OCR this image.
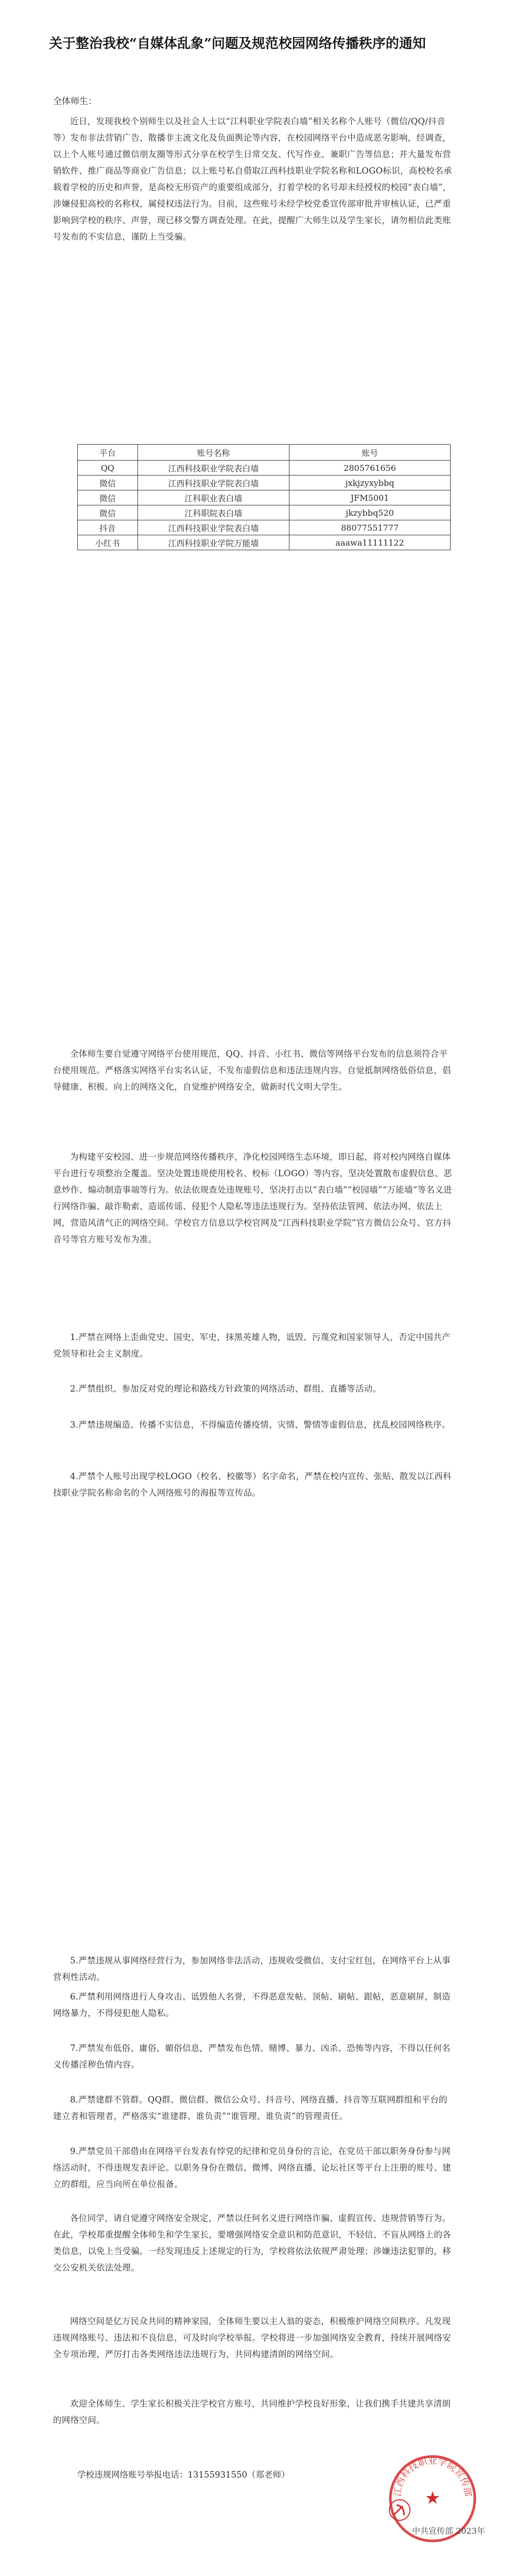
关于整治我校“自媒体乱象”问题及规范校园网络传播秩序的通知
全体师生：

近日，发现我校个别师生以及社会人士以“江科职业学院表白墙”相关名称个人账号（微信/QQ/抖音等）发布非法营销广告、散播非主流文化及负面舆论等内容，在校园网络平台中造成恶劣影响，经调查，以上个人账号通过微信朋友圈等形式分享在校学生日常交友、代写作业、兼职广告等信息；并大量发布营销软件、推广商品等商业广告信息；以上账号私自借取江西科技职业学院名称和LOGO标识，高校校名承载着学校的历史和声誉，是高校无形资产的重要组成部分，打着学校的名号却未经授权的校园“表白墙”，涉嫌侵犯高校的名称权，属侵权违法行为。目前，这些账号未经学校党委宣传部审批并审核认证，已严重影响到学校的秩序、声誉，现已移交警方调查处理。在此，提醒广大师生以及学生家长，请勿相信此类账号发布的不实信息，谨防上当受骗。

平台	账号名称	账号
QQ	江西科技职业学院表白墙	2805761656
微信	江西科技职业学院表白墙	jxkjzyxybbq
微信	江科职业表白墙	JFM5001
微信	江科职院表白墙	jkzybbq520
抖音	江西科技职业学院表白墙	88077551777
小红书	江西科技职业学院万能墙	aaawa11111122

全体师生要自觉遵守网络平台使用规范，QQ、抖音、小红书、微信等网络平台发布的信息须符合平台使用规范。严格落实网络平台实名认证，不发布虚假信息和违法违规内容。自觉抵制网络低俗信息，倡导健康、积极、向上的网络文化，自觉维护网络安全，做新时代文明大学生。

为构建平安校园、进一步规范网络传播秩序，净化校园网络生态环境，即日起，将对校内网络自媒体平台进行专项整治全覆盖。坚决处置违规使用校名、校标（LOGO）等内容，坚决处置散布虚假信息、恶意炒作、煽动制造事端等行为。依法依规查处违规账号，坚决打击以“表白墙”“校园墙”“万能墙”等名义进行网络诈骗、敲诈勒索、造谣传谣、侵犯个人隐私等违法违规行为。坚持依法管网、依法办网、依法上网，营造风清气正的网络空间。学校官方信息以学校官网及“江西科技职业学院”官方微信公众号、官方抖音号等官方账号发布为准。

1.严禁在网络上歪曲党史、国史、军史，抹黑英雄人物，诋毁、污蔑党和国家领导人，否定中国共产党领导和社会主义制度。

2.严禁组织、参加反对党的理论和路线方针政策的网络活动、群组、直播等活动。

3.严禁违规编造、传播不实信息，不得编造传播疫情、灾情、警情等虚假信息，扰乱校园网络秩序。

4.严禁个人账号出现学校LOGO（校名、校徽等）名字命名，严禁在校内宣传、张贴、散发以江西科技职业学院名称命名的个人网络账号的海报等宣传品。

5.严禁违规从事网络经营行为，参加网络非法活动，违规收受微信、支付宝红包，在网络平台上从事营利性活动。

6.严禁利用网络进行人身攻击、诋毁他人名誉，不得恶意发帖、顶帖、刷帖、跟帖，恶意刷屏，制造网络暴力，不得侵犯他人隐私。

7.严禁发布低俗、庸俗、媚俗信息，严禁发布色情、赌博、暴力、凶杀、恐怖等内容，不得以任何名义传播淫秽色情内容。

8.严禁建群不管群。QQ群、微信群、微信公众号、抖音号、网络直播、抖音等互联网群组和平台的建立者和管理者，严格落实“谁建群、谁负责”“谁管理、谁负责”的管理责任。

9.严禁党员干部借由在网络平台发表有悖党的纪律和党员身份的言论，在党员干部以职务身份参与网络活动时，不得违规发表评论。以职务身份在微信、微博、网络直播、论坛社区等平台上注册的账号、建立的群组，应当向所在单位报备。

各位同学，请自觉遵守网络安全规定，严禁以任何名义进行网络诈骗、虚假宣传、违规营销等行为。在此，学校郑重提醒全体师生和学生家长，要增强网络安全意识和防范意识，不轻信、不盲从网络上的各类信息，以免上当受骗。一经发现违反上述规定的行为，学校将依法依规严肃处理；涉嫌违法犯罪的，移交公安机关依法处理。

网络空间是亿万民众共同的精神家园，全体师生要以主人翁的姿态，积极维护网络空间秩序。凡发现违规网络账号、违法和不良信息，可及时向学校举报。学校将进一步加强网络安全教育，持续开展网络安全专项治理，严厉打击各类网络违法违规行为，共同构建清朗的网络空间。

欢迎全体师生、学生家长积极关注学校官方账号，共同维护学校良好形象，让我们携手共建共享清朗的网络空间。

学校违规网络账号举报电话：13155931550（郑老师）
江西科技职业学院宣传部
★
中共宣传部 2023年
